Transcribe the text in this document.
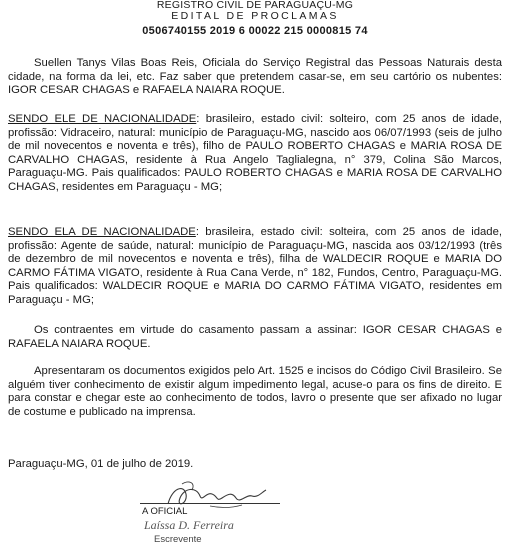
REGISTRO CIVIL DE PARAGUAÇU-MG
EDITAL DE PROCLAMAS
0506740155 2019 6 00022 215 0000815 74
Suellen Tanys Vilas Boas Reis, Oficiala do Serviço Registral das Pessoas Naturais desta cidade, na forma da lei, etc. Faz saber que pretendem casar-se, em seu cartório os nubentes: IGOR CESAR CHAGAS e RAFAELA NAIARA ROQUE.
SENDO ELE DE NACIONALIDADE: brasileiro, estado civil: solteiro, com 25 anos de idade, profissão: Vidraceiro, natural: município de Paraguaçu-MG, nascido aos 06/07/1993 (seis de julho de mil novecentos e noventa e três), filho de PAULO ROBERTO CHAGAS e MARIA ROSA DE CARVALHO CHAGAS, residente à Rua Angelo Taglialegna, n° 379, Colina São Marcos, Paraguaçu-MG. Pais qualificados: PAULO ROBERTO CHAGAS e MARIA ROSA DE CARVALHO CHAGAS, residentes em Paraguaçu - MG;
SENDO ELA DE NACIONALIDADE: brasileira, estado civil: solteira, com 25 anos de idade, profissão: Agente de saúde, natural: município de Paraguaçu-MG, nascida aos 03/12/1993 (três de dezembro de mil novecentos e noventa e três), filha de WALDECIR ROQUE e MARIA DO CARMO FÁTIMA VIGATO, residente à Rua Cana Verde, n° 182, Fundos, Centro, Paraguaçu-MG. Pais qualificados: WALDECIR ROQUE e MARIA DO CARMO FÁTIMA VIGATO, residentes em Paraguaçu - MG;
Os contraentes em virtude do casamento passam a assinar: IGOR CESAR CHAGAS e RAFAELA NAIARA ROQUE.
Apresentaram os documentos exigidos pelo Art. 1525 e incisos do Código Civil Brasileiro. Se alguém tiver conhecimento de existir algum impedimento legal, acuse-o para os fins de direito. E para constar e chegar este ao conhecimento de todos, lavro o presente que ser afixado no lugar de costume e publicado na imprensa.
Paraguaçu-MG, 01 de julho de 2019.
A OFICIAL
Laíssa D. Ferreira
Escrevente
